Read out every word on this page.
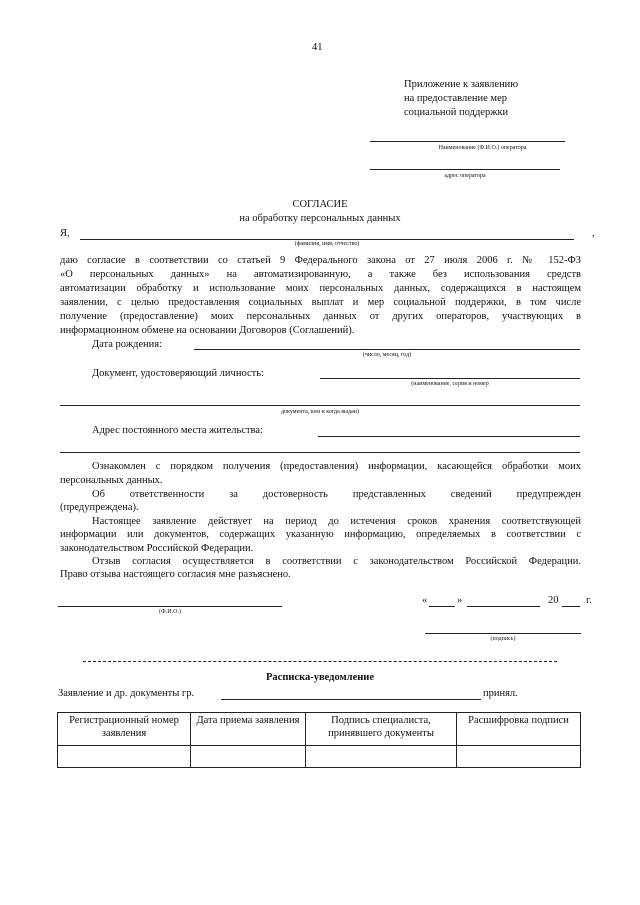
41
Приложение к заявлению
на предоставление мер
социальной поддержки
Наименование (Ф.И.О.) оператора
адрес оператора
СОГЛАСИЕ
на обработку персональных данных
Я,	,
(фамилия, имя, отчество)
даю согласие в соответствии со статьей 9 Федерального закона от 27 июля 2006 г. № 152-ФЗ
«О персональных данных» на автоматизированную, а также без использования средств
автоматизации обработку и использование моих персональных данных, содержащихся в настоящем
заявлении, с целью предоставления социальных выплат и мер социальной поддержки, в том числе
получение (предоставление) моих персональных данных от других операторов, участвующих в
информационном обмене на основании Договоров (Соглашений).
Дата рождения:
(число, месяц, год)
Документ, удостоверяющий личность:
(наименование, серия и номер
документа, кем и когда выдан)
Адрес постоянного места жительства:
Ознакомлен с порядком получения (предоставления) информации, касающейся обработки моих
персональных данных.
Об ответственности за достоверность представленных сведений предупрежден
(предупреждена).
Настоящее заявление действует на период до истечения сроков хранения соответствующей
информации или документов, содержащих указанную информацию, определяемых в соответствии с
законодательством Российской Федерации.
Отзыв согласия осуществляется в соответствии с законодательством Российской Федерации.
Право отзыва настоящего согласия мне разъяснено.
(Ф.И.О.)
«	»	20	г.
(подпись)
Расписка-уведомление
Заявление и др. документы гр.	принял.
Регистрационный номер заявления	Дата приема заявления	Подпись специалиста, принявшего документы	Расшифровка подписи
